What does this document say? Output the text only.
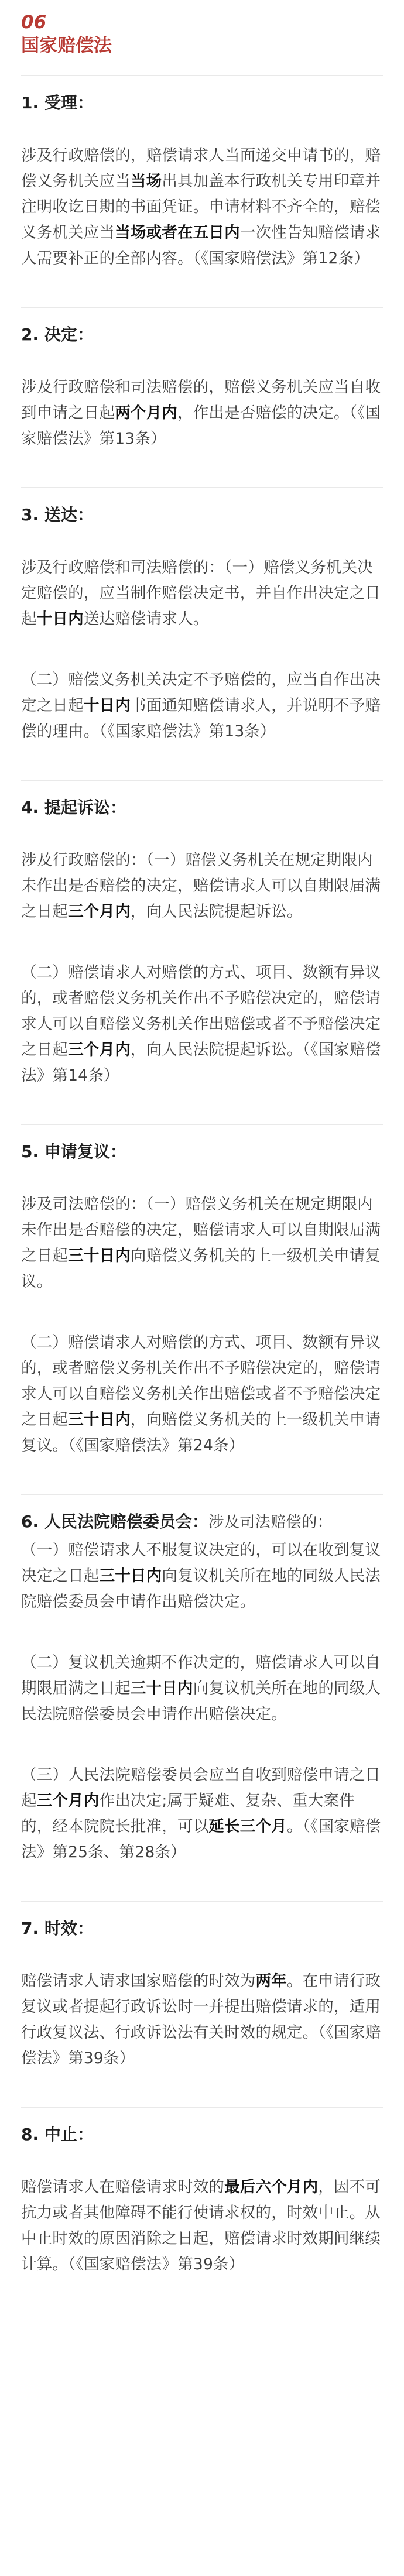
06
国家赔偿法
1. 受理：
涉及行政赔偿的，赔偿请求人当面递交申请书的，赔偿义务机关应当当场出具加盖本行政机关专用印章并注明收讫日期的书面凭证。申请材料不齐全的，赔偿义务机关应当当场或者在五日内一次性告知赔偿请求人需要补正的全部内容。（《国家赔偿法》第12条）
2. 决定：
涉及行政赔偿和司法赔偿的，赔偿义务机关应当自收到申请之日起两个月内，作出是否赔偿的决定。（《国家赔偿法》第13条）
3. 送达：
涉及行政赔偿和司法赔偿的：（一）赔偿义务机关决定赔偿的，应当制作赔偿决定书，并自作出决定之日起十日内送达赔偿请求人。
（二）赔偿义务机关决定不予赔偿的，应当自作出决定之日起十日内书面通知赔偿请求人，并说明不予赔偿的理由。（《国家赔偿法》第13条）
4. 提起诉讼：
涉及行政赔偿的：（一）赔偿义务机关在规定期限内未作出是否赔偿的决定，赔偿请求人可以自期限届满之日起三个月内，向人民法院提起诉讼。
（二）赔偿请求人对赔偿的方式、项目、数额有异议的，或者赔偿义务机关作出不予赔偿决定的，赔偿请求人可以自赔偿义务机关作出赔偿或者不予赔偿决定之日起三个月内，向人民法院提起诉讼。（《国家赔偿法》第14条）
5. 申请复议：
涉及司法赔偿的：（一）赔偿义务机关在规定期限内未作出是否赔偿的决定，赔偿请求人可以自期限届满之日起三十日内向赔偿义务机关的上一级机关申请复议。
（二）赔偿请求人对赔偿的方式、项目、数额有异议的，或者赔偿义务机关作出不予赔偿决定的，赔偿请求人可以自赔偿义务机关作出赔偿或者不予赔偿决定之日起三十日内，向赔偿义务机关的上一级机关申请复议。（《国家赔偿法》第24条）
6. 人民法院赔偿委员会：涉及司法赔偿的：
（一）赔偿请求人不服复议决定的，可以在收到复议决定之日起三十日内向复议机关所在地的同级人民法院赔偿委员会申请作出赔偿决定。
（二）复议机关逾期不作决定的，赔偿请求人可以自期限届满之日起三十日内向复议机关所在地的同级人民法院赔偿委员会申请作出赔偿决定。
（三）人民法院赔偿委员会应当自收到赔偿申请之日起三个月内作出决定;属于疑难、复杂、重大案件的，经本院院长批准，可以延长三个月。（《国家赔偿法》第25条、第28条）
7. 时效：
赔偿请求人请求国家赔偿的时效为两年。在申请行政复议或者提起行政诉讼时一并提出赔偿请求的，适用行政复议法、行政诉讼法有关时效的规定。（《国家赔偿法》第39条）
8. 中止：
赔偿请求人在赔偿请求时效的最后六个月内，因不可抗力或者其他障碍不能行使请求权的，时效中止。从中止时效的原因消除之日起，赔偿请求时效期间继续计算。（《国家赔偿法》第39条）
